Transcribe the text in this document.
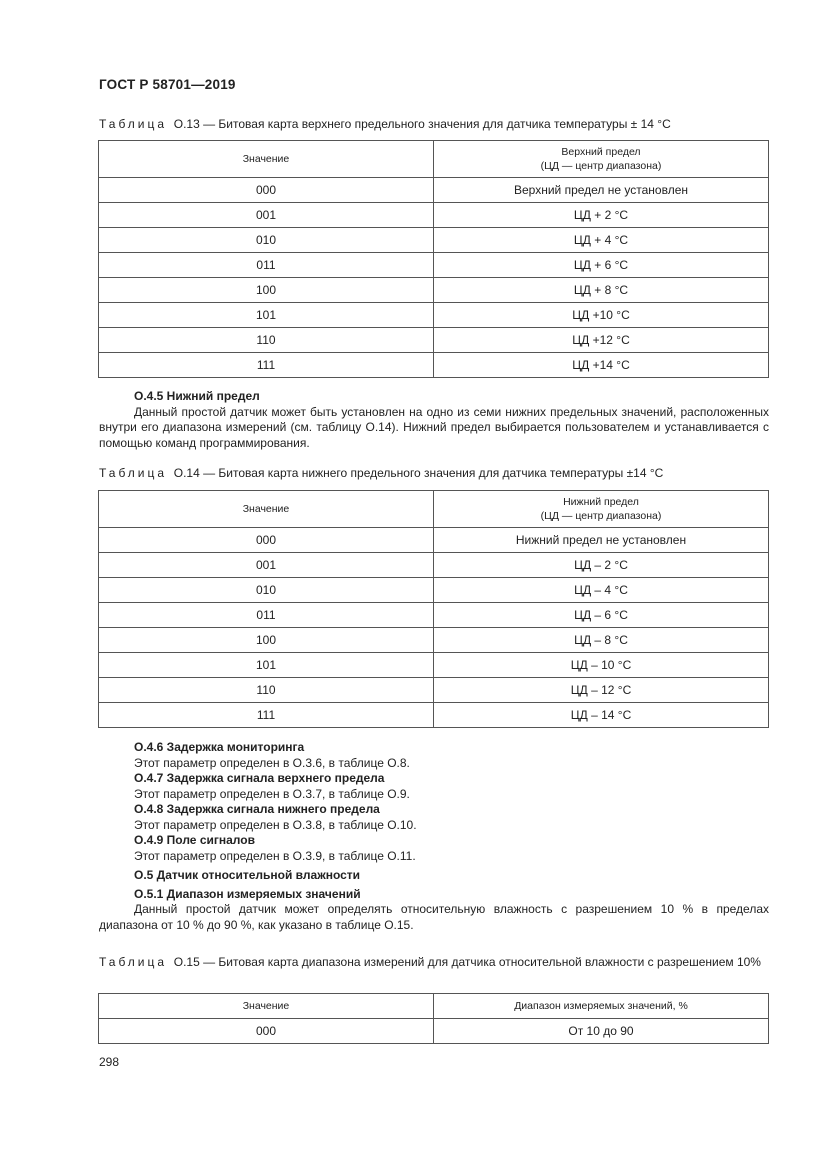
ГОСТ Р 58701—2019
Таблица О.13 — Битовая карта верхнего предельного значения для датчика температуры ± 14 °C
Значение	Верхний предел
(ЦД — центр диапазона)
000	Верхний предел не установлен
001	ЦД + 2 °C
010	ЦД + 4 °C
011	ЦД + 6 °C
100	ЦД + 8 °C
101	ЦД +10 °C
110	ЦД +12 °C
111	ЦД +14 °C
О.4.5 Нижний предел

Данный простой датчик может быть установлен на одно из семи нижних предельных значений, расположенных внутри его диапазона измерений (см. таблицу О.14). Нижний предел выбирается пользователем и устанавливается с помощью команд программирования.

Таблица О.14 — Битовая карта нижнего предельного значения для датчика температуры ±14 °C
Значение	Нижний предел
(ЦД — центр диапазона)
000	Нижний предел не установлен
001	ЦД – 2 °C
010	ЦД – 4 °C
011	ЦД – 6 °C
100	ЦД – 8 °C
101	ЦД – 10 °C
110	ЦД – 12 °C
111	ЦД – 14 °C
О.4.6 Задержка мониторинга
Этот параметр определен в О.3.6, в таблице О.8.
О.4.7 Задержка сигнала верхнего предела
Этот параметр определен в О.3.7, в таблице О.9.
О.4.8 Задержка сигнала нижнего предела
Этот параметр определен в О.3.8, в таблице О.10.
О.4.9 Поле сигналов
Этот параметр определен в О.3.9, в таблице О.11.
О.5 Датчик относительной влажности
О.5.1 Диапазон измеряемых значений

Данный простой датчик может определять относительную влажность с разрешением 10 % в пределах диапазона от 10 % до 90 %, как указано в таблице О.15.

Таблица О.15 — Битовая карта диапазона измерений для датчика относительной влажности с разрешением 10%
Значение	Диапазон измеряемых значений, %
000	От 10 до 90
298
